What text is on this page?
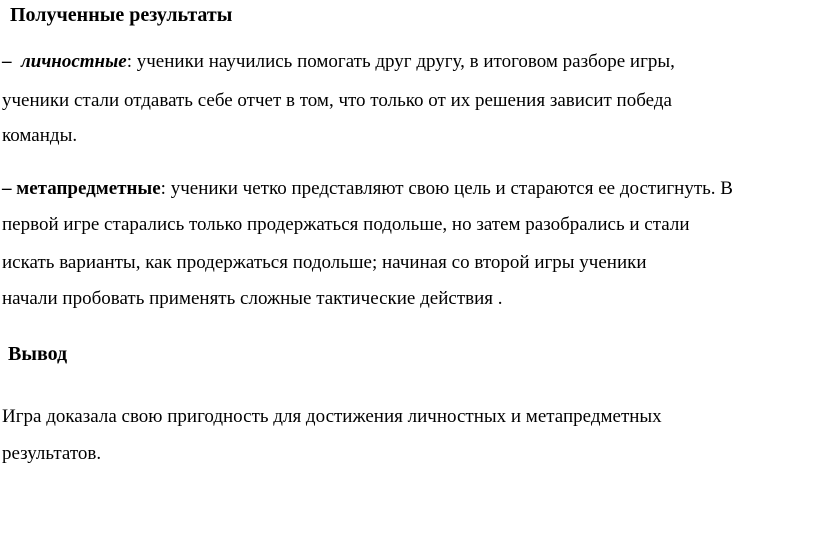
Полученные результаты
– личностные: ученики научились помогать друг другу, в итоговом разборе игры,
ученики стали отдавать себе отчет в том, что только от их решения зависит победа
команды.
– метапредметные: ученики четко представляют свою цель и стараются ее достигнуть. В
первой игре старались только продержаться подольше, но затем разобрались и стали
искать варианты, как продержаться подольше; начиная со второй игры ученики
начали пробовать применять сложные тактические действия .
Вывод
Игра доказала свою пригодность для достижения личностных и метапредметных
результатов.
